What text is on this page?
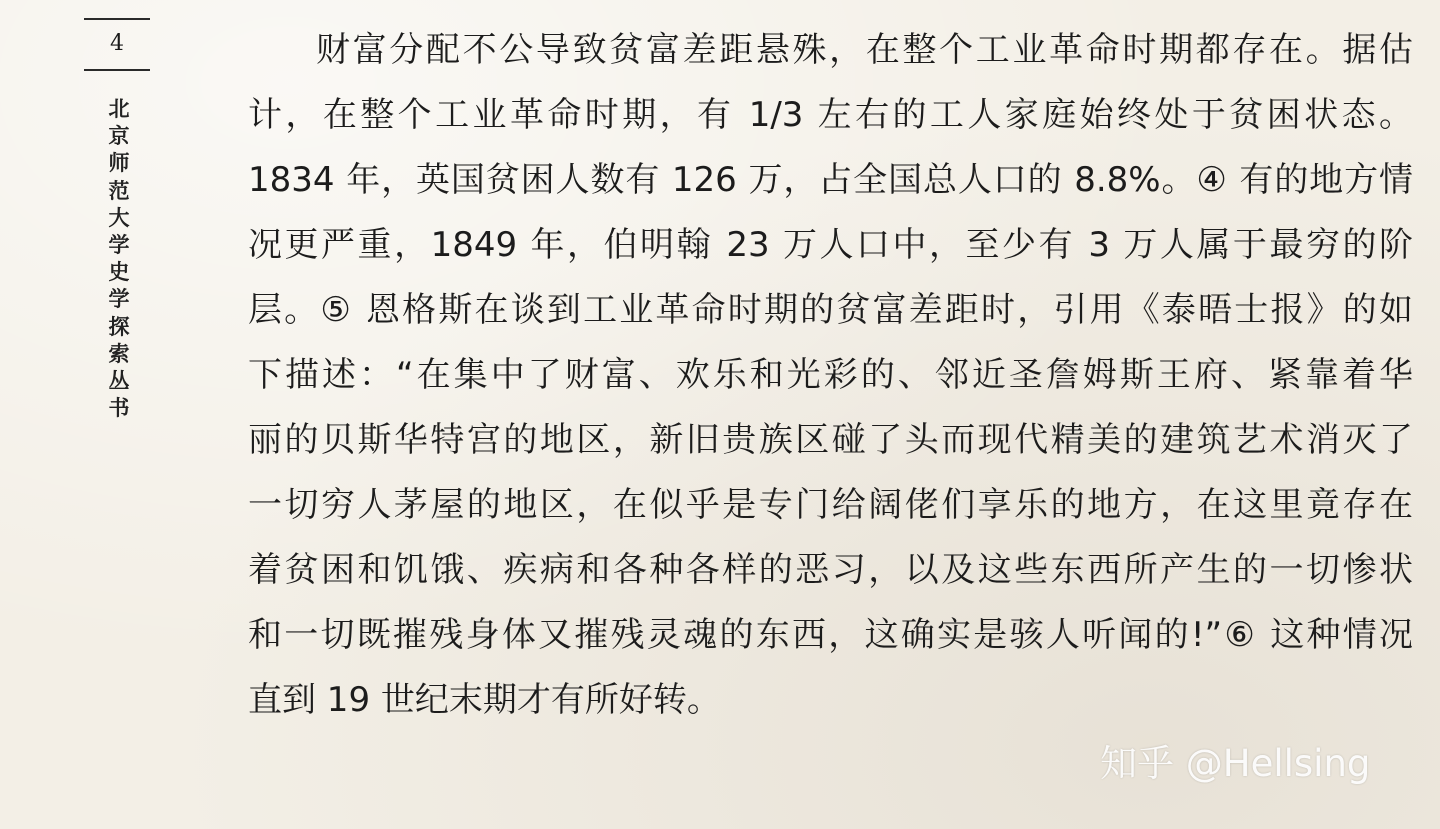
4
北京师范大学史学探索丛书
财富分配不公导致贫富差距悬殊，在整个工业革命时期都存在。据估
计，在整个工业革命时期，有 1/3 左右的工人家庭始终处于贫困状态。
1834 年，英国贫困人数有 126 万，占全国总人口的 8.8%。④ 有的地方情
况更严重，1849 年，伯明翰 23 万人口中，至少有 3 万人属于最穷的阶
层。⑤ 恩格斯在谈到工业革命时期的贫富差距时，引用《泰晤士报》的如
下描述：“在集中了财富、欢乐和光彩的、邻近圣詹姆斯王府、紧靠着华
丽的贝斯华特宫的地区，新旧贵族区碰了头而现代精美的建筑艺术消灭了
一切穷人茅屋的地区，在似乎是专门给阔佬们享乐的地方，在这里竟存在
着贫困和饥饿、疾病和各种各样的恶习，以及这些东西所产生的一切惨状
和一切既摧残身体又摧残灵魂的东西，这确实是骇人听闻的!”⑥ 这种情况
直到 19 世纪末期才有所好转。
知乎 @Hellsing
